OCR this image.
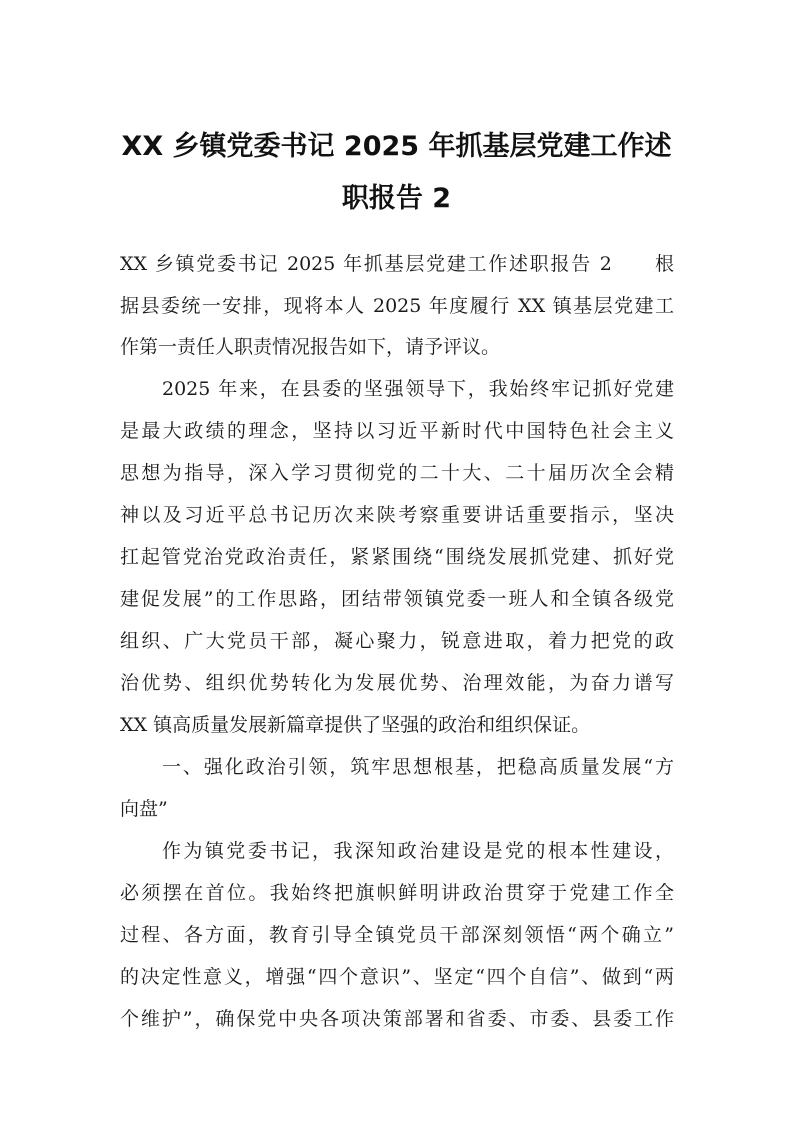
XX 乡镇党委书记 2025 年抓基层党建工作述
职报告 2
XX 乡镇党委书记 2025 年抓基层党建工作述职报告 2　　根
据县委统一安排，现将本人 2025 年度履行 XX 镇基层党建工
作第一责任人职责情况报告如下，请予评议。
2025 年来，在县委的坚强领导下，我始终牢记抓好党建
是最大政绩的理念，坚持以习近平新时代中国特色社会主义
思想为指导，深入学习贯彻党的二十大、二十届历次全会精
神以及习近平总书记历次来陕考察重要讲话重要指示，坚决
扛起管党治党政治责任，紧紧围绕“围绕发展抓党建、抓好党
建促发展”的工作思路，团结带领镇党委一班人和全镇各级党
组织、广大党员干部，凝心聚力，锐意进取，着力把党的政
治优势、组织优势转化为发展优势、治理效能，为奋力谱写
XX 镇高质量发展新篇章提供了坚强的政治和组织保证。
一、强化政治引领，筑牢思想根基，把稳高质量发展“方
向盘”
作为镇党委书记，我深知政治建设是党的根本性建设，
必须摆在首位。我始终把旗帜鲜明讲政治贯穿于党建工作全
过程、各方面，教育引导全镇党员干部深刻领悟“两个确立”
的决定性意义，增强“四个意识”、坚定“四个自信”、做到“两
个维护”，确保党中央各项决策部署和省委、市委、县委工作
